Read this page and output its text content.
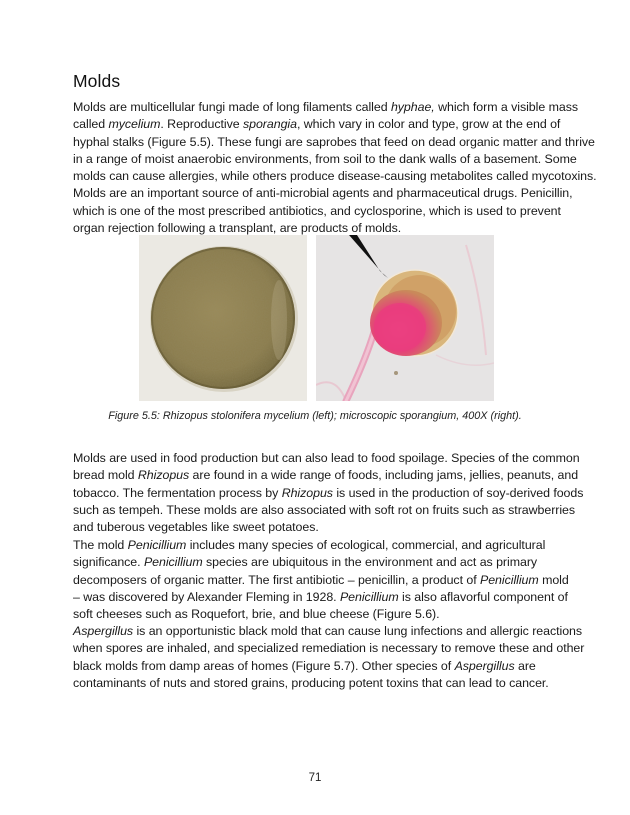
Molds

Molds are multicellular fungi made of long filaments called hyphae, which form a visible mass
called mycelium. Reproductive sporangia, which vary in color and type, grow at the end of
hyphal stalks (Figure 5.5). These fungi are saprobes that feed on dead organic matter and thrive
in a range of moist anaerobic environments, from soil to the dank walls of a basement. Some
molds can cause allergies, while others produce disease-causing metabolites called mycotoxins.
Molds are an important source of anti-microbial agents and pharmaceutical drugs. Penicillin,
which is one of the most prescribed antibiotics, and cyclosporine, which is used to prevent
organ rejection following a transplant, are products of molds.

Figure 5.5: Rhizopus stolonifera mycelium (left); microscopic sporangium, 400X (right).

Molds are used in food production but can also lead to food spoilage. Species of the common
bread mold Rhizopus are found in a wide range of foods, including jams, jellies, peanuts, and
tobacco. The fermentation process by Rhizopus is used in the production of soy-derived foods
such as tempeh. These molds are also associated with soft rot on fruits such as strawberries
and tuberous vegetables like sweet potatoes.

The mold Penicillium includes many species of ecological, commercial, and agricultural
significance. Penicillium species are ubiquitous in the environment and act as primary
decomposers of organic matter. The first antibiotic – penicillin, a product of Penicillium mold
– was discovered by Alexander Fleming in 1928. Penicillium is also aflavorful component of
soft cheeses such as Roquefort, brie, and blue cheese (Figure 5.6).

Aspergillus is an opportunistic black mold that can cause lung infections and allergic reactions
when spores are inhaled, and specialized remediation is necessary to remove these and other
black molds from damp areas of homes (Figure 5.7). Other species of Aspergillus are
contaminants of nuts and stored grains, producing potent toxins that can lead to cancer.

71
